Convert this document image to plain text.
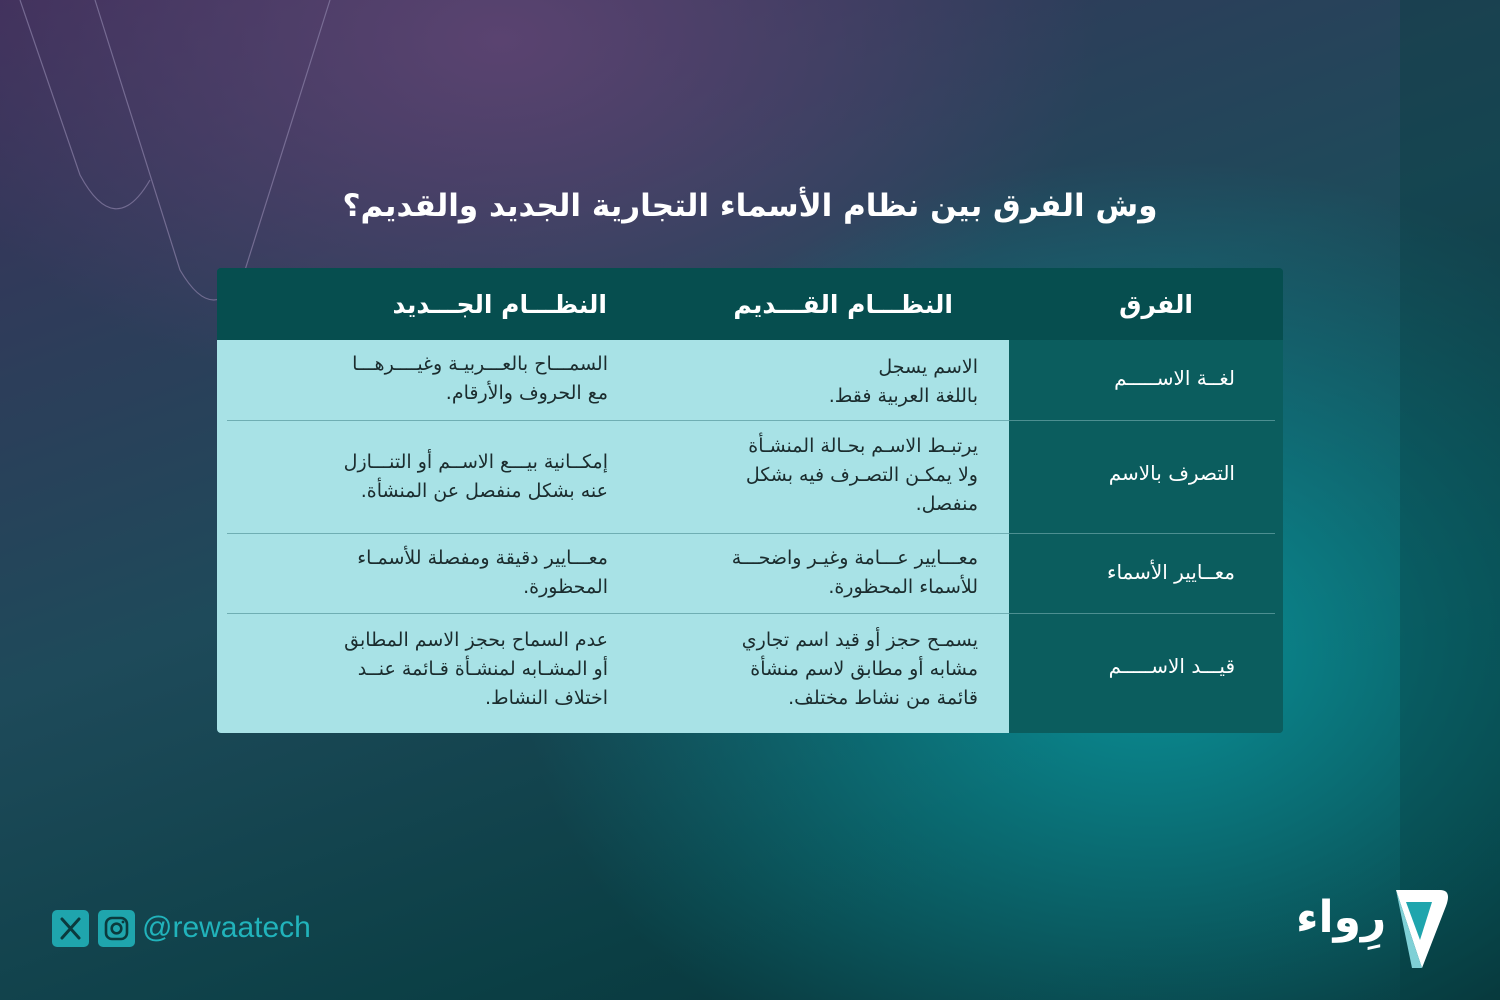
وش الفرق بين نظام الأسماء التجارية الجديد والقديم؟
الفرق
النظـــام القـــديم
النظـــام الجـــديد
لغــة الاســـــم
الاسم يسجل
باللغة العربية فقط.
السمـــاح بالعـــربيـة وغيــــرهـــا
مع الحروف والأرقام.
التصرف بالاسم
يرتبـط الاسـم بحـالة المنشـأة
ولا يمكـن التصـرف فيه بشكل
منفصل.
إمكــانية بيـــع الاســم أو التنـــازل
عنه بشكل منفصل عن المنشأة.
معــايير الأسماء
معـــايير عـــامة وغيـر واضحـــة
للأسماء المحظورة.
معـــايير دقيقة ومفصلة للأسمـاء
المحظورة.
قيـــد الاســـــم
يسمـح حجز أو قيد اسم تجاري
مشابه أو مطابق لاسم منشأة
قائمة من نشاط مختلف.
عدم السماح بحجز الاسم المطابق
أو المشـابه لمنشـأة قـائمة عنــد
اختلاف النشاط.
@rewaatech	رِواء
